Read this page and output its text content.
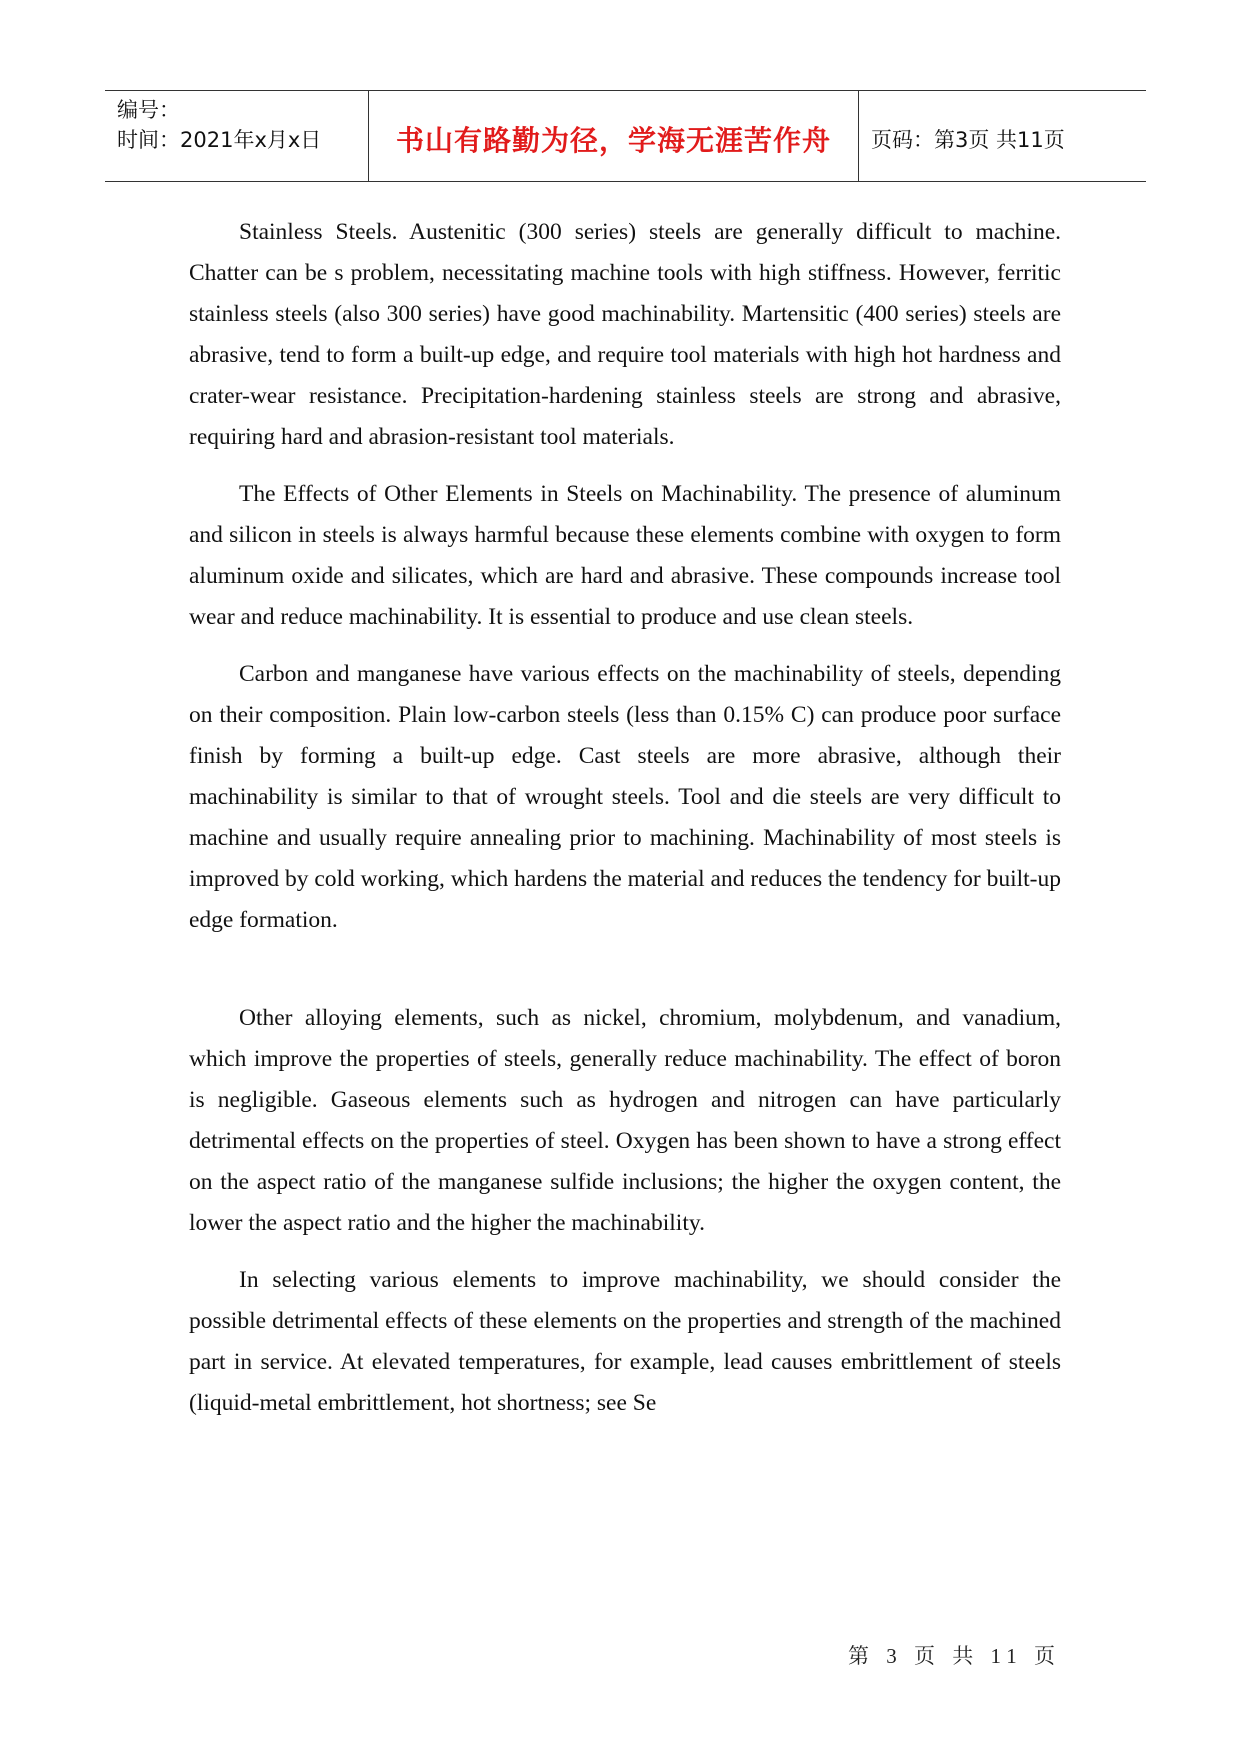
编号：
时间：2021年x月x日	书山有路勤为径，学海无涯苦作舟 页码：第3页 共11页

Stainless Steels. Austenitic (300 series) steels are generally difficult to machine. Chatter can be s problem, necessitating machine tools with high stiffness. However, ferritic stainless steels (also 300 series) have good machinability. Martensitic (400 series) steels are abrasive, tend to form a built-up edge, and require tool materials with high hot hardness and crater-wear resistance. Precipitation-hardening stainless steels are strong and abrasive, requiring hard and abrasion-resistant tool materials.

The Effects of Other Elements in Steels on Machinability. The presence of aluminum and silicon in steels is always harmful because these elements combine with oxygen to form aluminum oxide and silicates, which are hard and abrasive. These compounds increase tool wear and reduce machinability. It is essential to produce and use clean steels.

Carbon and manganese have various effects on the machinability of steels, depending on their composition. Plain low-carbon steels (less than 0.15% C) can produce poor surface finish by forming a built-up edge. Cast steels are more abrasive, although their machinability is similar to that of wrought steels. Tool and die steels are very difficult to machine and usually require annealing prior to machining. Machinability of most steels is improved by cold working, which hardens the material and reduces the tendency for built-up edge formation.

Other alloying elements, such as nickel, chromium, molybdenum, and vanadium, which improve the properties of steels, generally reduce machinability. The effect of boron is negligible. Gaseous elements such as hydrogen and nitrogen can have particularly detrimental effects on the properties of steel. Oxygen has been shown to have a strong effect on the aspect ratio of the manganese sulfide inclusions; the higher the oxygen content, the lower the aspect ratio and the higher the machinability.

In selecting various elements to improve machinability, we should consider the possible detrimental effects of these elements on the properties and strength of the machined part in service. At elevated temperatures, for example, lead causes embrittlement of steels (liquid-metal embrittlement, hot shortness; see Se

第 3 页 共 11 页
